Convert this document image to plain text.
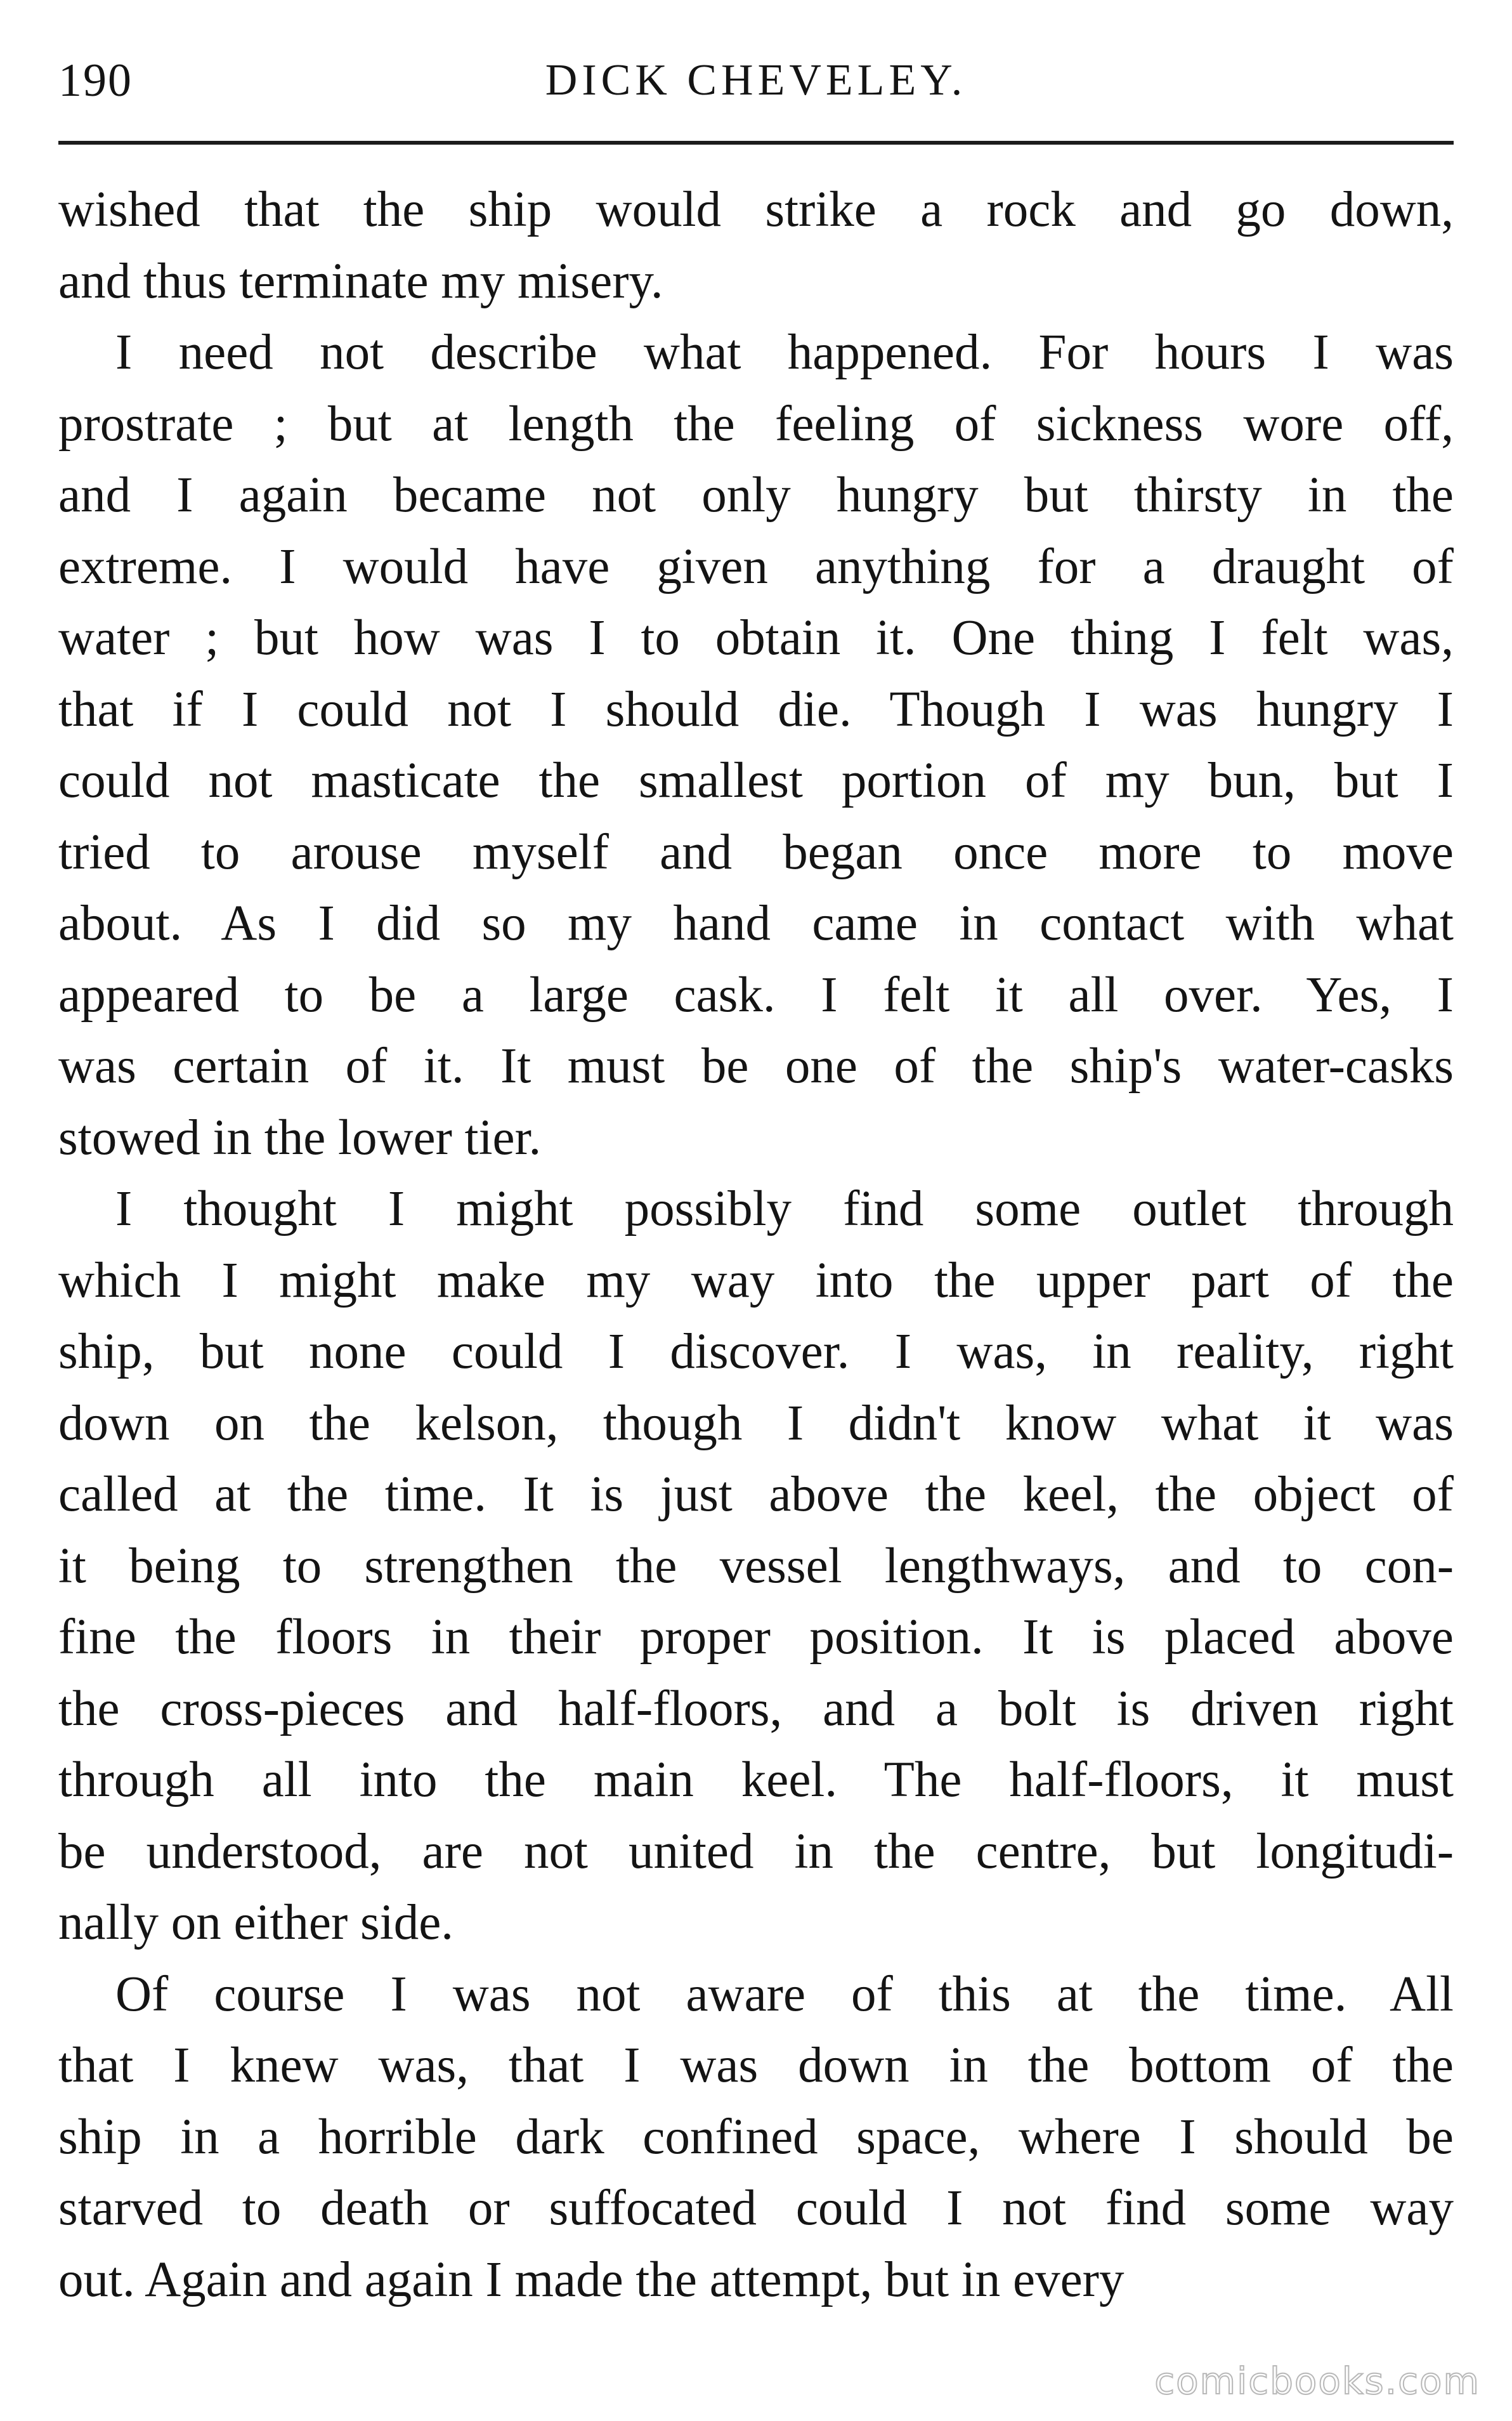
190	DICK CHEVELEY.
wished that the ship would strike a rock and go down,
and thus terminate my misery.
I need not describe what happened. For hours I was
prostrate ; but at length the feeling of sickness wore off,
and I again became not only hungry but thirsty in the
extreme. I would have given anything for a draught of
water ; but how was I to obtain it. One thing I felt was,
that if I could not I should die. Though I was hungry I
could not masticate the smallest portion of my bun, but I
tried to arouse myself and began once more to move
about. As I did so my hand came in contact with what
appeared to be a large cask. I felt it all over. Yes, I
was certain of it. It must be one of the ship's water-casks
stowed in the lower tier.
I thought I might possibly find some outlet through
which I might make my way into the upper part of the
ship, but none could I discover. I was, in reality, right
down on the kelson, though I didn't know what it was
called at the time. It is just above the keel, the object of
it being to strengthen the vessel lengthways, and to con-
fine the floors in their proper position. It is placed above
the cross-pieces and half-floors, and a bolt is driven right
through all into the main keel. The half-floors, it must
be understood, are not united in the centre, but longitudi-
nally on either side.
Of course I was not aware of this at the time. All
that I knew was, that I was down in the bottom of the
ship in a horrible dark confined space, where I should be
starved to death or suffocated could I not find some way
out. Again and again I made the attempt, but in every
comicbooks.com
